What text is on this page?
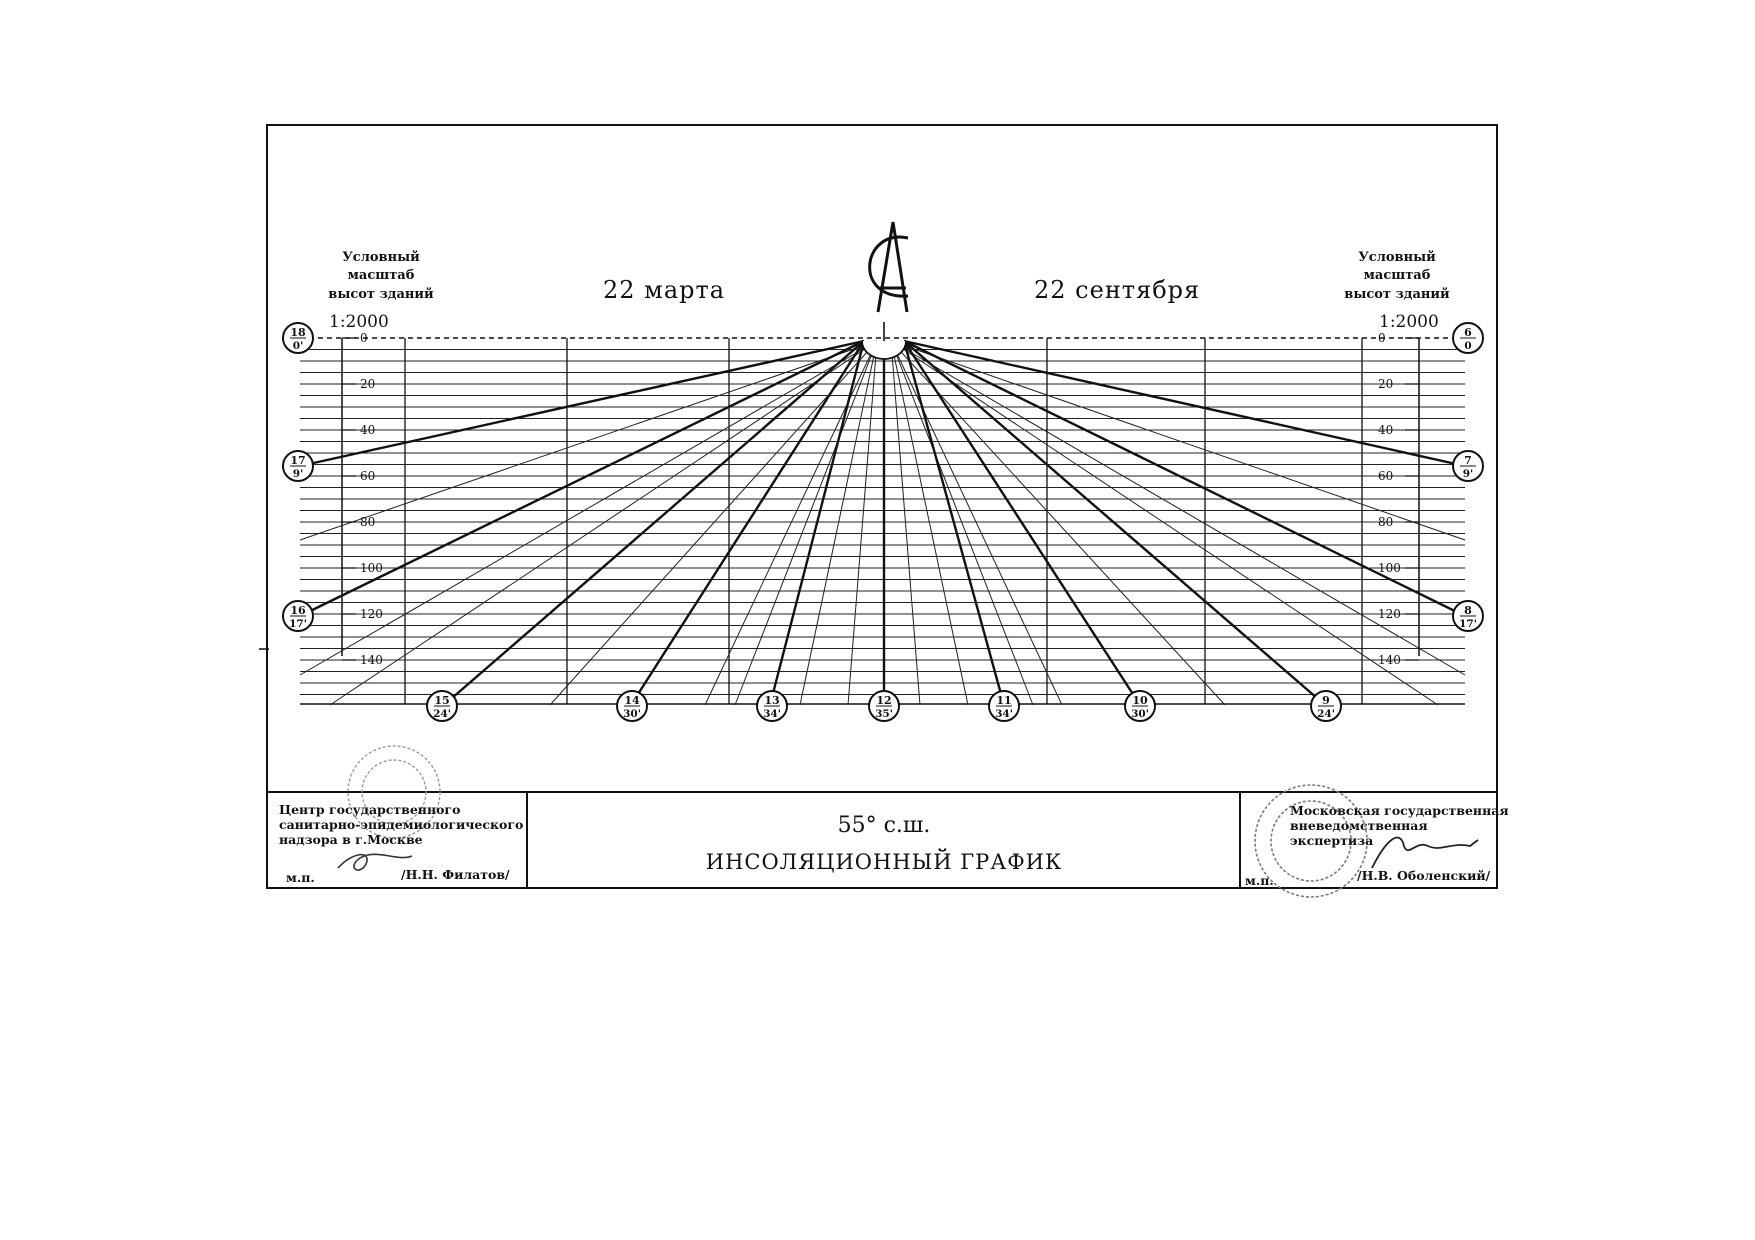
22 марта	22 сентября
Условный
масштаб
высот зданий
Условный
масштаб
высот зданий
1:2000	1:2000
0
20
40
60
80
100
120
140
0
20
40
60
80
100
120
140
18
0'
17
9'
16
17'
6
0
7
9'
8
17'
15
24'
14
30'
13
34'
12
35'
11
34'
10
30'
9
24'
Центр государственного
санитарно-эпидемиологического
надзора в г.Москве
м.п.	/Н.Н. Филатов/
55° с.ш.
ИНСОЛЯЦИОННЫЙ ГРАФИК
Московская государственная
вневедомственная
экспертиза
м.п.	/Н.В. Оболенский/
